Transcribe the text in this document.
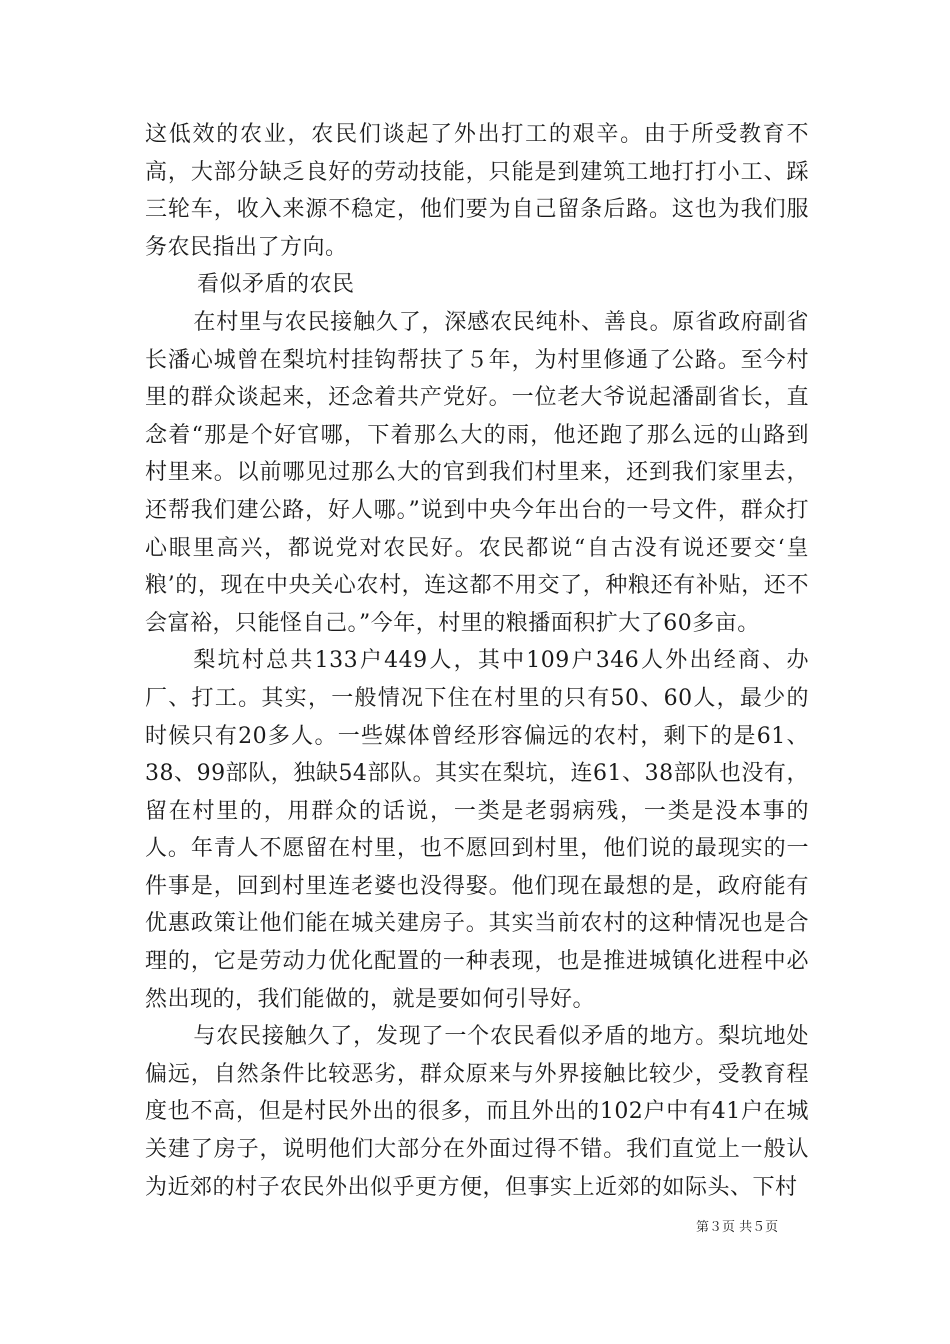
这低效的农业，农民们谈起了外出打工的艰辛。由于所受教育不高，大部分缺乏良好的劳动技能，只能是到建筑工地打打小工、踩三轮车，收入来源不稳定，他们要为自己留条后路。这也为我们服务农民指出了方向。

看似矛盾的农民

在村里与农民接触久了，深感农民纯朴、善良。原省政府副省长潘心城曾在梨坑村挂钩帮扶了５年，为村里修通了公路。至今村里的群众谈起来，还念着共产党好。一位老大爷说起潘副省长，直念着“那是个好官哪，下着那么大的雨，他还跑了那么远的山路到村里来。以前哪见过那么大的官到我们村里来，还到我们家里去，还帮我们建公路，好人哪。”说到中央今年出台的一号文件，群众打心眼里高兴，都说党对农民好。农民都说“自古没有说还要交‘皇粮’的，现在中央关心农村，连这都不用交了，种粮还有补贴，还不会富裕，只能怪自己。”今年，村里的粮播面积扩大了60多亩。

梨坑村总共133户449人，其中109户346人外出经商、办厂、打工。其实，一般情况下住在村里的只有50、60人，最少的时候只有20多人。一些媒体曾经形容偏远的农村，剩下的是61、38、99部队，独缺54部队。其实在梨坑，连61、38部队也没有，留在村里的，用群众的话说，一类是老弱病残，一类是没本事的人。年青人不愿留在村里，也不愿回到村里，他们说的最现实的一件事是，回到村里连老婆也没得娶。他们现在最想的是，政府能有优惠政策让他们能在城关建房子。其实当前农村的这种情况也是合理的，它是劳动力优化配置的一种表现，也是推进城镇化进程中必然出现的，我们能做的，就是要如何引导好。

与农民接触久了，发现了一个农民看似矛盾的地方。梨坑地处偏远，自然条件比较恶劣，群众原来与外界接触比较少，受教育程度也不高，但是村民外出的很多，而且外出的102户中有41户在城关建了房子，说明他们大部分在外面过得不错。我们直觉上一般认为近郊的村子农民外出似乎更方便，但事实上近郊的如际头、下村

第３页 共５页
